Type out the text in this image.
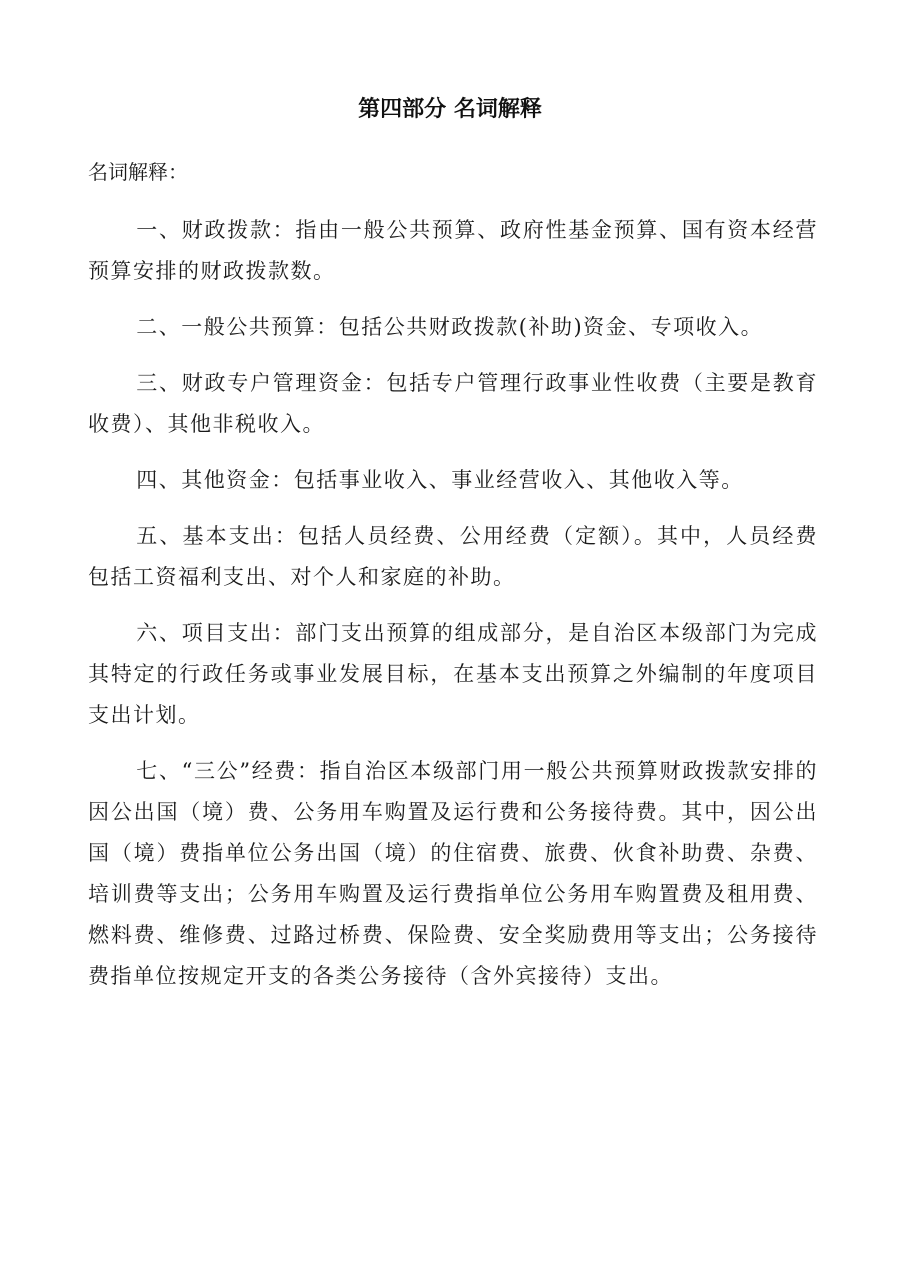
第四部分 名词解释

名词解释：

一、财政拨款：指由一般公共预算、政府性基金预算、国有资本经营预算安排的财政拨款数。

二、一般公共预算：包括公共财政拨款(补助)资金、专项收入。

三、财政专户管理资金：包括专户管理行政事业性收费（主要是教育收费）、其他非税收入。

四、其他资金：包括事业收入、事业经营收入、其他收入等。

五、基本支出：包括人员经费、公用经费（定额）。其中，人员经费包括工资福利支出、对个人和家庭的补助。

六、项目支出：部门支出预算的组成部分，是自治区本级部门为完成其特定的行政任务或事业发展目标，在基本支出预算之外编制的年度项目支出计划。

七、“三公”经费：指自治区本级部门用一般公共预算财政拨款安排的因公出国（境）费、公务用车购置及运行费和公务接待费。其中，因公出国（境）费指单位公务出国（境）的住宿费、旅费、伙食补助费、杂费、培训费等支出；公务用车购置及运行费指单位公务用车购置费及租用费、燃料费、维修费、过路过桥费、保险费、安全奖励费用等支出；公务接待费指单位按规定开支的各类公务接待（含外宾接待）支出。
